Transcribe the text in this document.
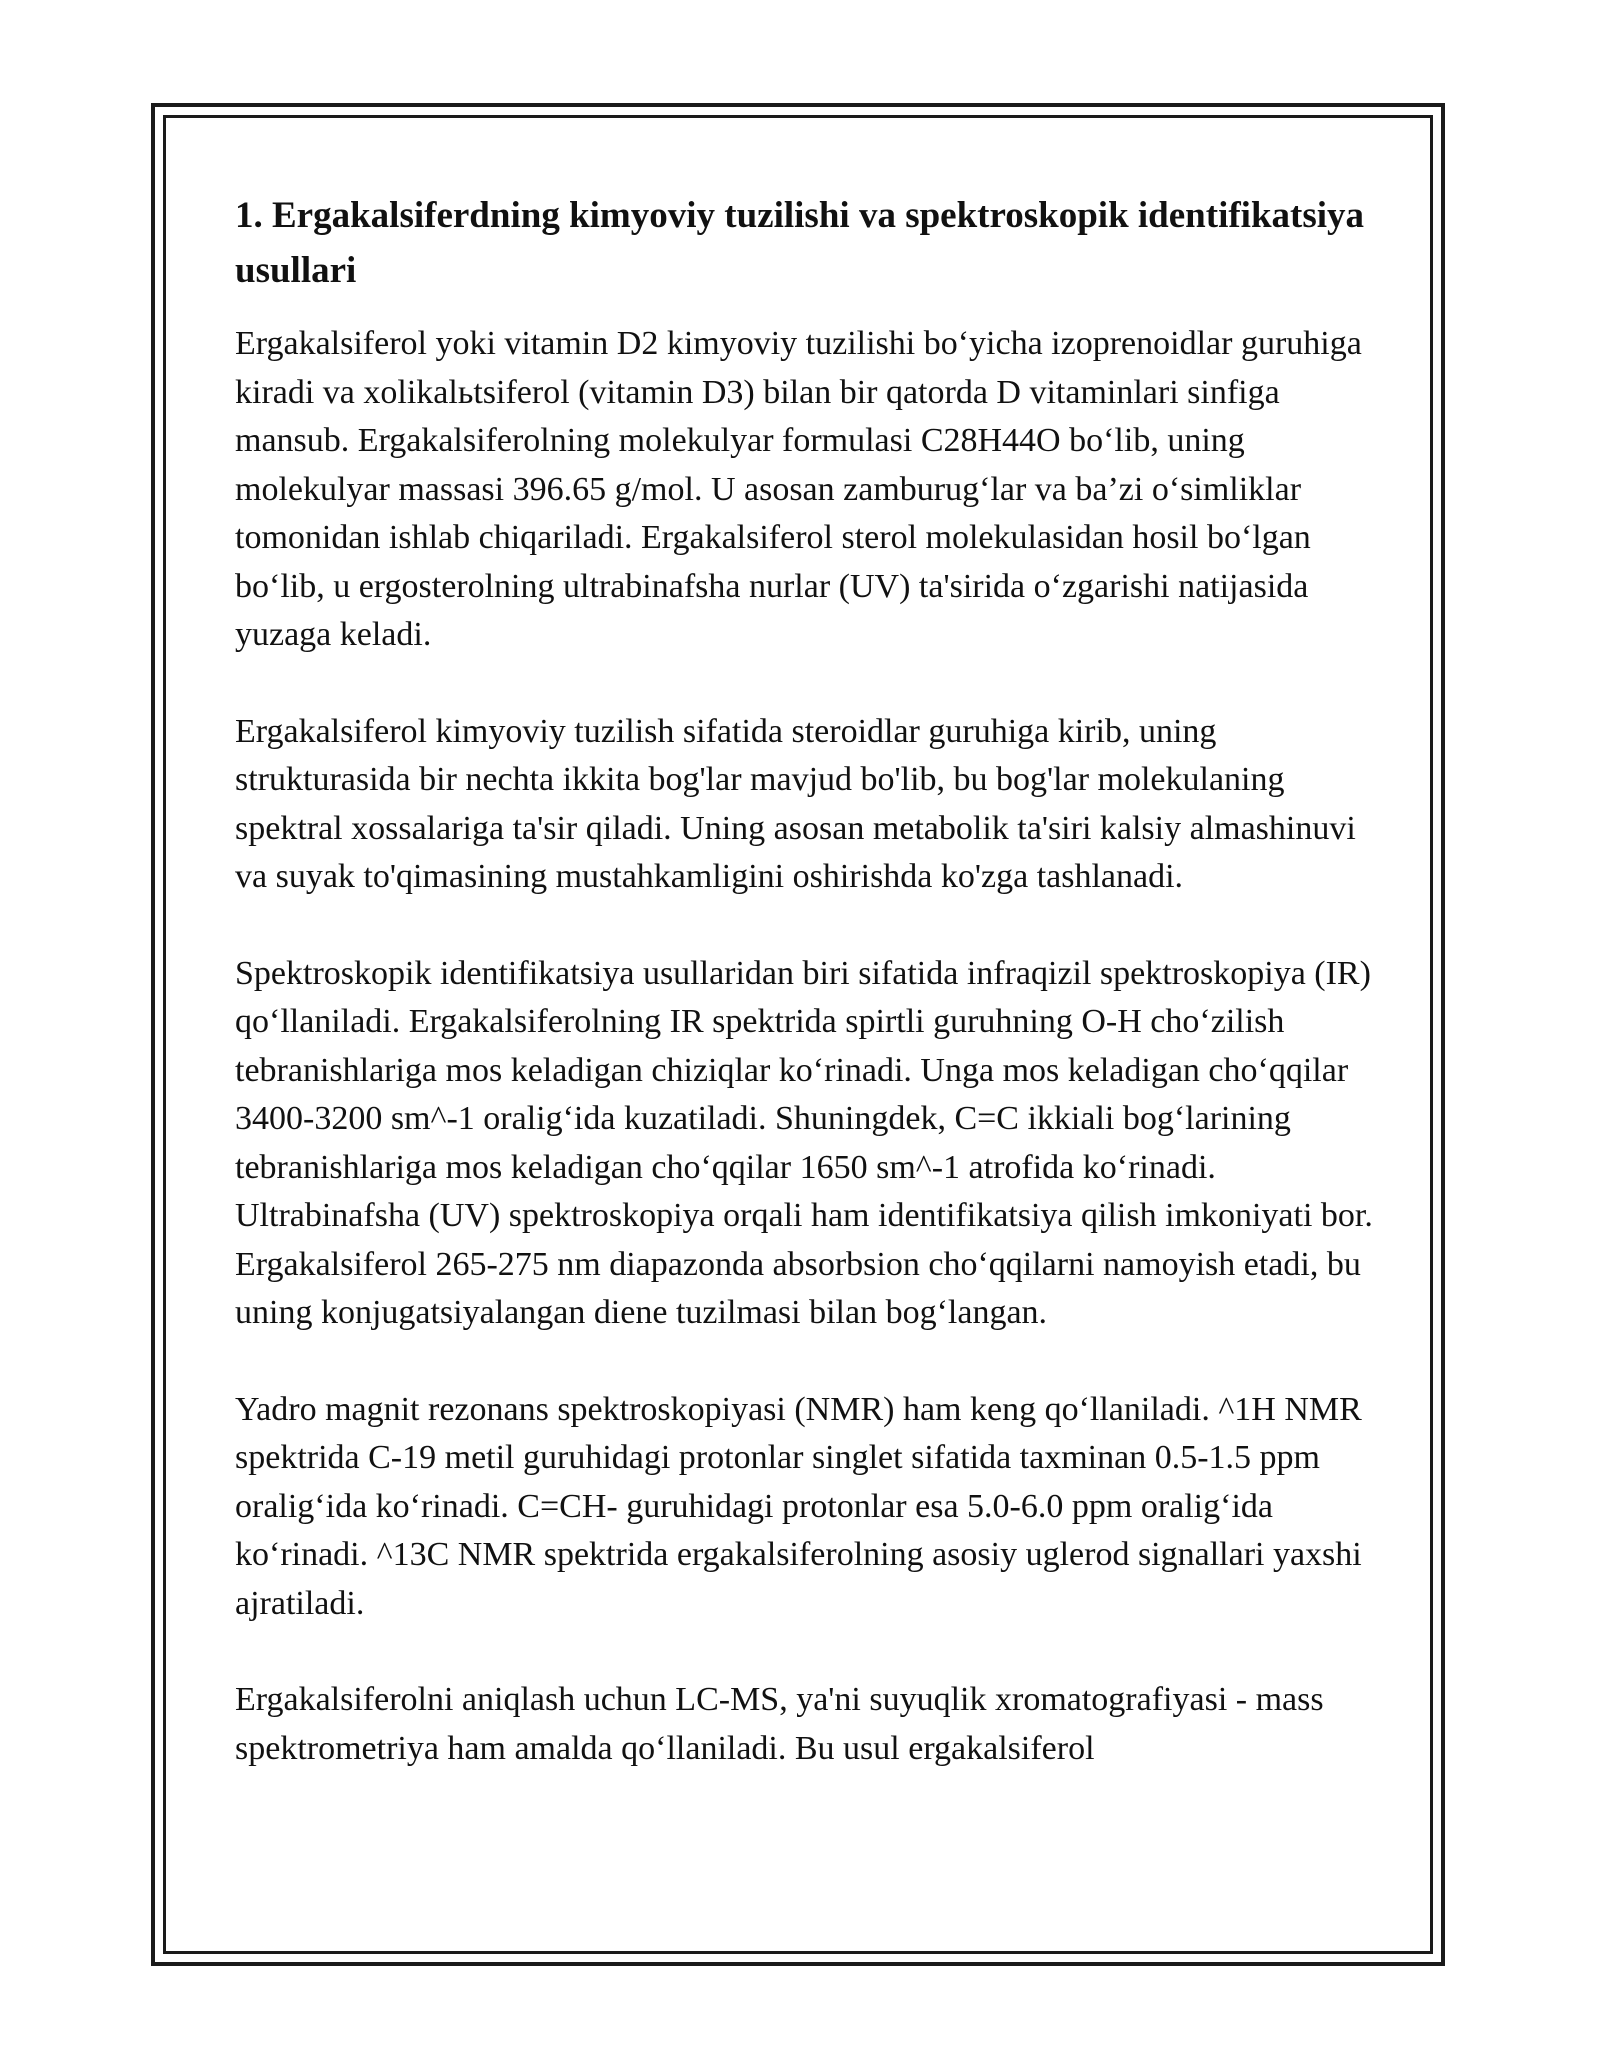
1. Ergakalsiferdning kimyoviy tuzilishi va spektroskopik identifikatsiya usullari

Ergakalsiferol yoki vitamin D2 kimyoviy tuzilishi bo‘yicha izoprenoidlar guruhiga kiradi va xolikalьtsiferol (vitamin D3) bilan bir qatorda D vitaminlari sinfiga mansub. Ergakalsiferolning molekulyar formulasi C28H44O bo‘lib, uning molekulyar massasi 396.65 g/mol. U asosan zamburug‘lar va ba’zi o‘simliklar tomonidan ishlab chiqariladi. Ergakalsiferol sterol molekulasidan hosil bo‘lgan bo‘lib, u ergosterolning ultrabinafsha nurlar (UV) ta'sirida o‘zgarishi natijasida yuzaga keladi.

Ergakalsiferol kimyoviy tuzilish sifatida steroidlar guruhiga kirib, uning strukturasida bir nechta ikkita bog'lar mavjud bo'lib, bu bog'lar molekulaning spektral xossalariga ta'sir qiladi. Uning asosan metabolik ta'siri kalsiy almashinuvi va suyak to'qimasining mustahkamligini oshirishda ko'zga tashlanadi.

Spektroskopik identifikatsiya usullaridan biri sifatida infraqizil spektroskopiya (IR) qo‘llaniladi. Ergakalsiferolning IR spektrida spirtli guruhning O-H cho‘zilish tebranishlariga mos keladigan chiziqlar ko‘rinadi. Unga mos keladigan cho‘qqilar 3400-3200 sm^-1 oralig‘ida kuzatiladi. Shuningdek, C=C ikkiali bog‘larining tebranishlariga mos keladigan cho‘qqilar 1650 sm^-1 atrofida ko‘rinadi. Ultrabinafsha (UV) spektroskopiya orqali ham identifikatsiya qilish imkoniyati bor. Ergakalsiferol 265-275 nm diapazonda absorbsion cho‘qqilarni namoyish etadi, bu uning konjugatsiyalangan diene tuzilmasi bilan bog‘langan.

Yadro magnit rezonans spektroskopiyasi (NMR) ham keng qo‘llaniladi. ^1H NMR spektrida C-19 metil guruhidagi protonlar singlet sifatida taxminan 0.5-1.5 ppm oralig‘ida ko‘rinadi. C=CH- guruhidagi protonlar esa 5.0-6.0 ppm oralig‘ida ko‘rinadi. ^13C NMR spektrida ergakalsiferolning asosiy uglerod signallari yaxshi ajratiladi.

Ergakalsiferolni aniqlash uchun LC-MS, ya'ni suyuqlik xromatografiyasi - mass spektrometriya ham amalda qo‘llaniladi. Bu usul ergakalsiferol
